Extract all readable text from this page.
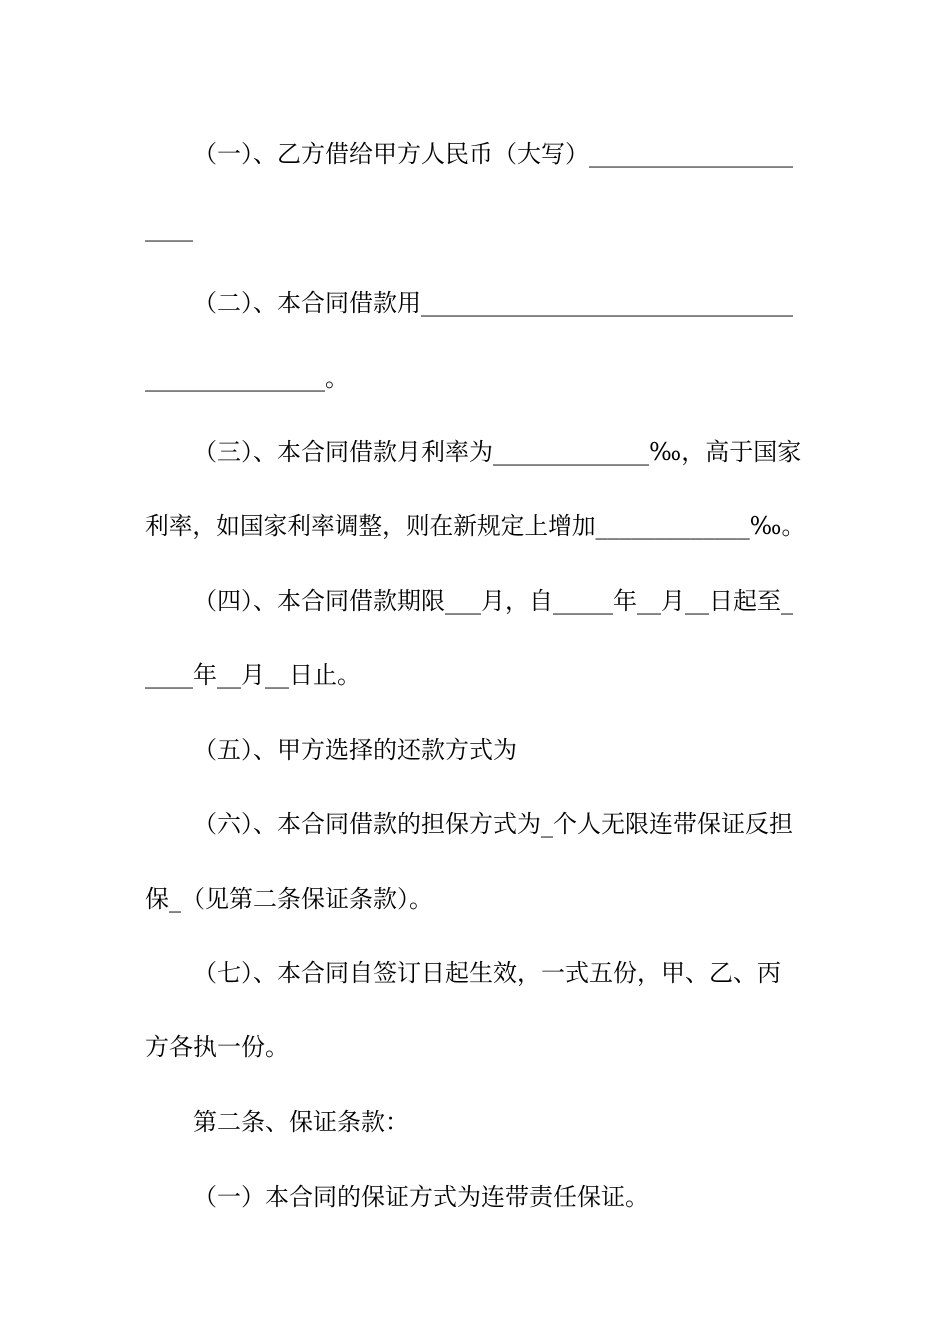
（一）、乙方借给甲方人民币（大写）_________________
____
（二）、本合同借款用_______________________________
_______________。
（三）、本合同借款月利率为_____________‰，高于国家
利率，如国家利率调整，则在新规定上增加_____________‰。
（四）、本合同借款期限___月，自_____年__月__日起至_
____年__月__日止。
（五）、甲方选择的还款方式为
（六）、本合同借款的担保方式为_个人无限连带保证反担
保_（见第二条保证条款）。
（七）、本合同自签订日起生效，一式五份，甲、乙、丙
方各执一份。
第二条、保证条款：
（一）本合同的保证方式为连带责任保证。
